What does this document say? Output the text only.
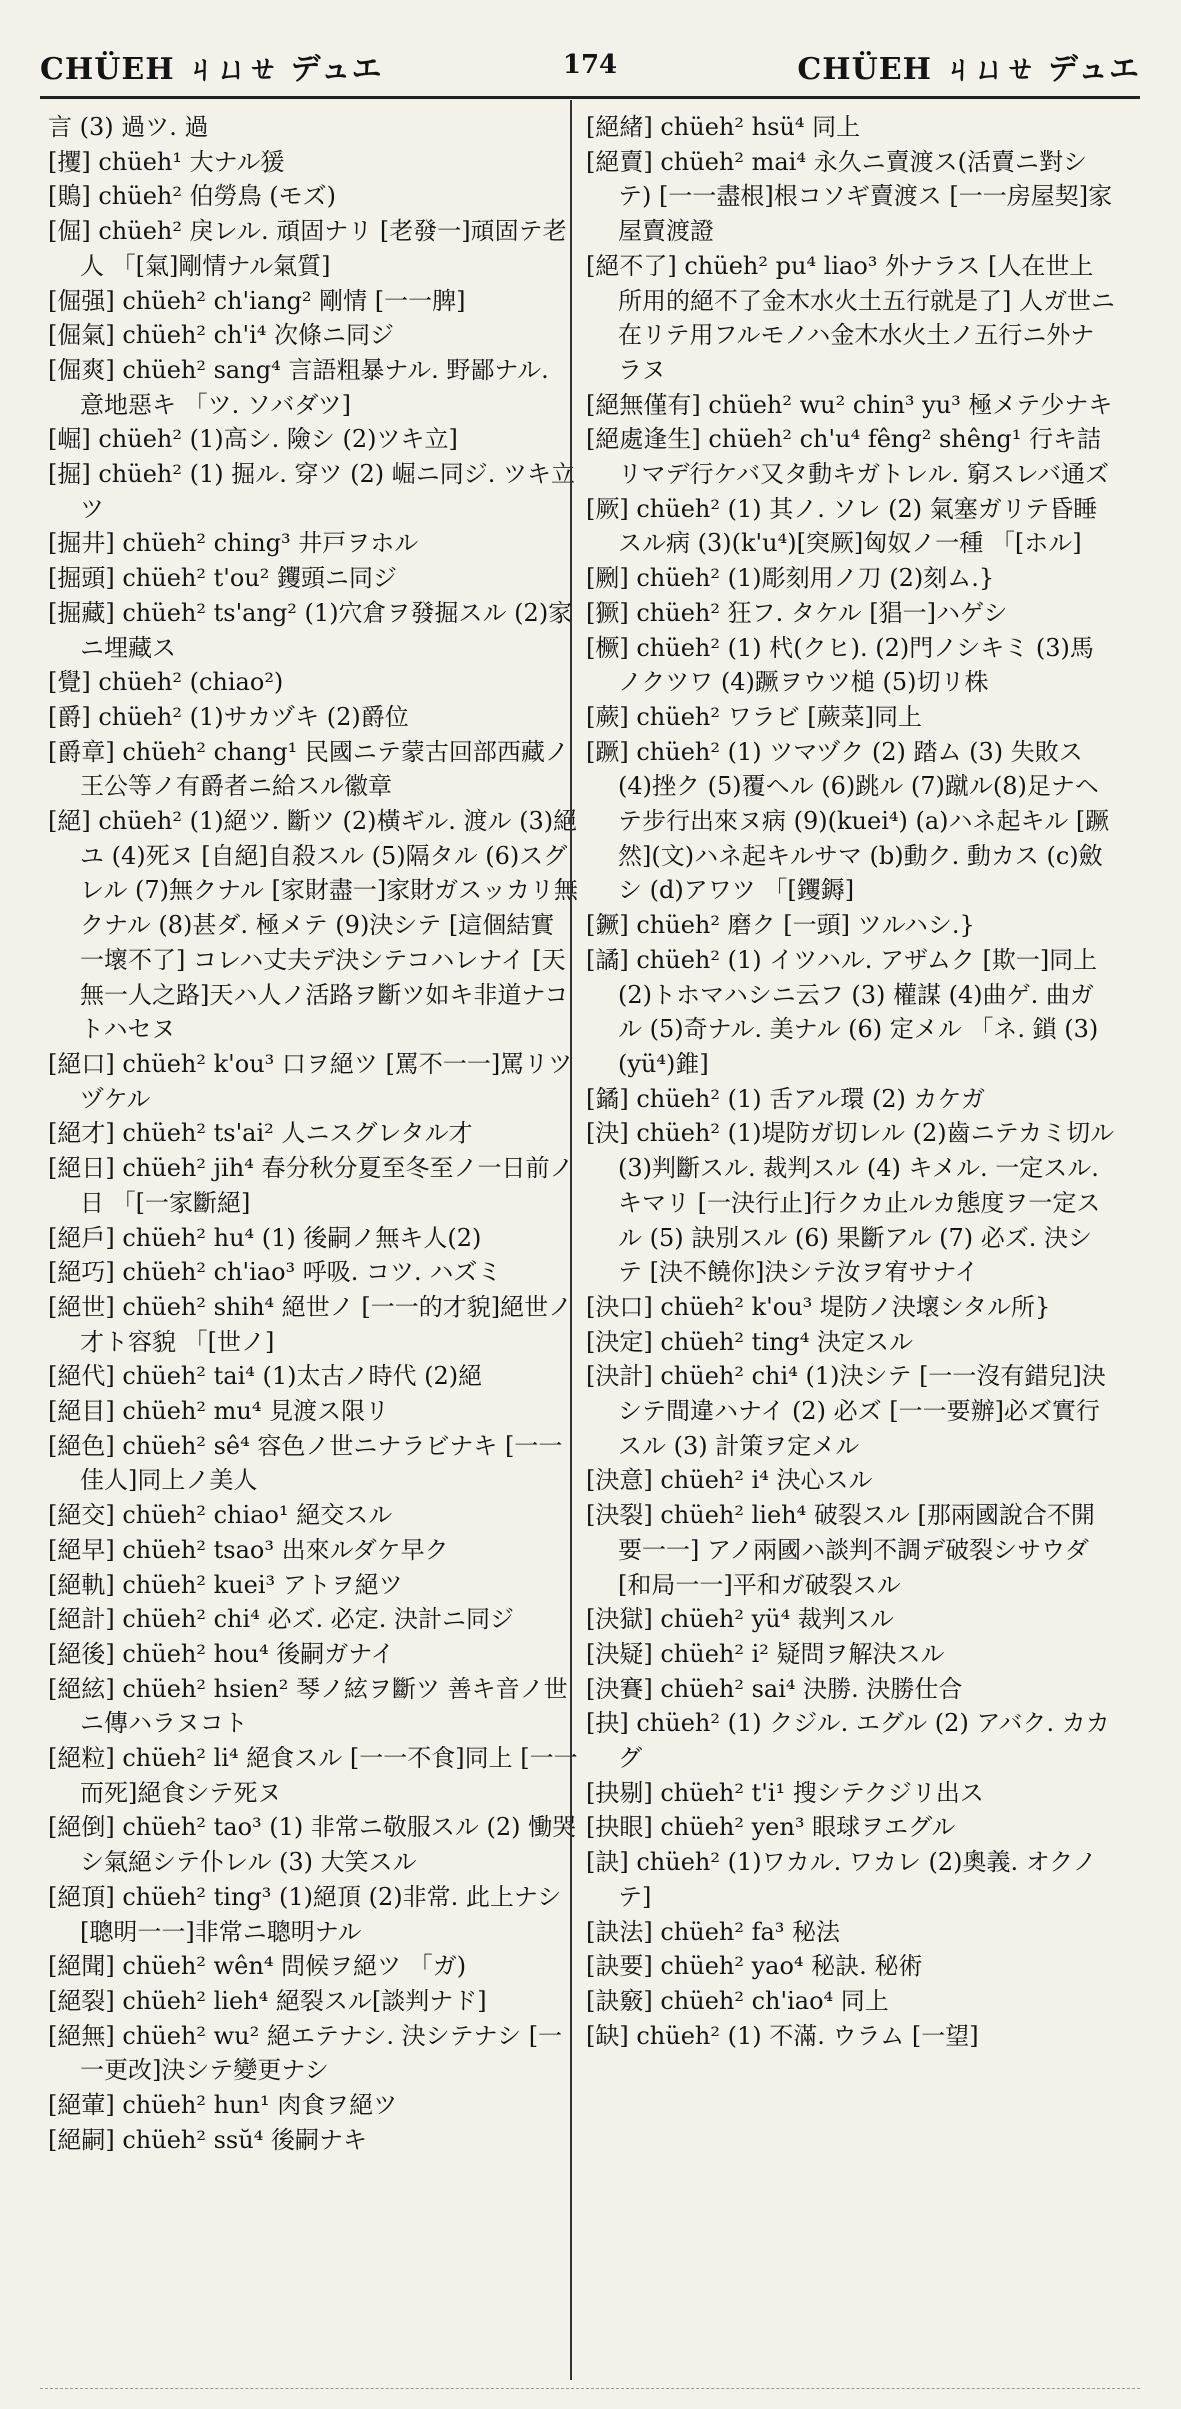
CHÜEH ㄐㄩㄝ デュエ	174	CHÜEH ㄐㄩㄝ デュエ

言 (3) 過ツ. 過

[攫] chüeh¹ 大ナル猨

[鵙] chüeh² 伯勞鳥 (モズ)

[倔] chüeh² 戾レル. 頑固ナリ [老發一]頑固テ老人 「[氣]剛情ナル氣質]

[倔强] chüeh² ch'iang² 剛情 [一一脾]

[倔氣] chüeh² ch'i⁴ 次條ニ同ジ

[倔爽] chüeh² sang⁴ 言語粗暴ナル. 野鄙ナル. 意地惡キ 「ツ. ソバダツ]

[崛] chüeh² (1)高シ. 險シ (2)ツキ立]

[掘] chüeh² (1) 掘ル. 穿ツ (2) 崛ニ同ジ. ツキ立ツ

[掘井] chüeh² ching³ 井戸ヲホル

[掘頭] chüeh² t'ou² 钁頭ニ同ジ

[掘藏] chüeh² ts'ang² (1)穴倉ヲ發掘スル (2)家ニ埋藏ス

[覺] chüeh² (chiao²)

[爵] chüeh² (1)サカヅキ (2)爵位

[爵章] chüeh² chang¹ 民國ニテ蒙古回部西藏ノ王公等ノ有爵者ニ給スル徽章

[絕] chüeh² (1)絕ツ. 斷ツ (2)橫ギル. 渡ル (3)絕ユ (4)死ヌ [自絕]自殺スル (5)隔タル (6)スグレル (7)無クナル [家財盡一]家財ガスッカリ無クナル (8)甚ダ. 極メテ (9)決シテ [這個結實一壞不了] コレハ丈夫デ決シテコハレナイ [天無一人之路]天ハ人ノ活路ヲ斷ツ如キ非道ナコトハセヌ

[絕口] chüeh² k'ou³ 口ヲ絕ツ [罵不一一]罵リツヅケル

[絕才] chüeh² ts'ai² 人ニスグレタル才

[絕日] chüeh² jih⁴ 春分秋分夏至冬至ノ一日前ノ日 「[一家斷絕]

[絕戶] chüeh² hu⁴ (1) 後嗣ノ無キ人(2)

[絕巧] chüeh² ch'iao³ 呼吸. コツ. ハズミ

[絕世] chüeh² shih⁴ 絕世ノ [一一的才貌]絕世ノ才ト容貌 「[世ノ]

[絕代] chüeh² tai⁴ (1)太古ノ時代 (2)絕

[絕目] chüeh² mu⁴ 見渡ス限リ

[絕色] chüeh² sê⁴ 容色ノ世ニナラビナキ [一一佳人]同上ノ美人

[絕交] chüeh² chiao¹ 絕交スル

[絕早] chüeh² tsao³ 出來ルダケ早ク

[絕軌] chüeh² kuei³ アトヲ絕ツ

[絕計] chüeh² chi⁴ 必ズ. 必定. 決計ニ同ジ

[絕後] chüeh² hou⁴ 後嗣ガナイ

[絕絃] chüeh² hsien² 琴ノ絃ヲ斷ツ 善キ音ノ世ニ傳ハラヌコト

[絕粒] chüeh² li⁴ 絕食スル [一一不食]同上 [一一而死]絕食シテ死ヌ

[絕倒] chüeh² tao³ (1) 非常ニ敬服スル (2) 慟哭シ氣絕シテ仆レル (3) 大笑スル

[絕頂] chüeh² ting³ (1)絕頂 (2)非常. 此上ナシ [聰明一一]非常ニ聰明ナル

[絕聞] chüeh² wên⁴ 問候ヲ絕ツ 「ガ)

[絕裂] chüeh² lieh⁴ 絕裂スル[談判ナド]

[絕無] chüeh² wu² 絕エテナシ. 決シテナシ [一一更改]決シテ變更ナシ

[絕葷] chüeh² hun¹ 肉食ヲ絕ツ

[絕嗣] chüeh² ssŭ⁴ 後嗣ナキ

[絕緒] chüeh² hsü⁴ 同上

[絕賣] chüeh² mai⁴ 永久ニ賣渡ス(活賣ニ對シテ) [一一盡根]根コソギ賣渡ス [一一房屋契]家屋賣渡證

[絕不了] chüeh² pu⁴ liao³ 外ナラス [人在世上所用的絕不了金木水火土五行就是了] 人ガ世ニ在リテ用フルモノハ金木水火土ノ五行ニ外ナラヌ

[絕無僅有] chüeh² wu² chin³ yu³ 極メテ少ナキ

[絕處逢生] chüeh² ch'u⁴ fêng² shêng¹ 行キ詰リマデ行ケバ又タ動キガトレル. 窮スレバ通ズ

[厥] chüeh² (1) 其ノ. ソレ (2) 氣塞ガリテ昏睡スル病 (3)(k'u⁴)[突厥]匈奴ノ一種 「[ホル]

[劂] chüeh² (1)彫刻用ノ刀 (2)刻ム.}

[獗] chüeh² 狂フ. タケル [猖一]ハゲシ

[橛] chüeh² (1) 杙(クヒ). (2)門ノシキミ (3)馬ノクツワ (4)蹶ヲウツ槌 (5)切リ株

[蕨] chüeh² ワラビ [蕨菜]同上

[蹶] chüeh² (1) ツマヅク (2) 踏ム (3) 失敗ス (4)挫ク (5)覆ヘル (6)跳ル (7)蹴ル(8)足ナヘテ步行出來ヌ病 (9)(kuei⁴) (a)ハネ起キル [蹶然](文)ハネ起キルサマ (b)動ク. 動カス (c)斂シ (d)アワツ 「[钁鎒]

[鐝] chüeh² 磨ク [一頭] ツルハシ.}

[譎] chüeh² (1) イツハル. アザムク [欺一]同上 (2)トホマハシニ云フ (3) 權謀 (4)曲ゲ. 曲ガル (5)奇ナル. 美ナル (6) 定メル 「ネ. 鎖 (3)(yü⁴)錐]

[鐍] chüeh² (1) 舌アル環 (2) カケガ

[決] chüeh² (1)堤防ガ切レル (2)齒ニテカミ切ル (3)判斷スル. 裁判スル (4) キメル. 一定スル. キマリ [一決行止]行クカ止ルカ態度ヲ一定スル (5) 訣別スル (6) 果斷アル (7) 必ズ. 決シテ [決不饒你]決シテ汝ヲ宥サナイ

[決口] chüeh² k'ou³ 堤防ノ決壞シタル所}

[決定] chüeh² ting⁴ 決定スル

[決計] chüeh² chi⁴ (1)決シテ [一一沒有錯兒]決シテ間違ハナイ (2) 必ズ [一一要辦]必ズ實行スル (3) 計策ヲ定メル

[決意] chüeh² i⁴ 決心スル

[決裂] chüeh² lieh⁴ 破裂スル [那兩國說合不開要一一] アノ兩國ハ談判不調デ破裂シサウダ [和局一一]平和ガ破裂スル

[決獄] chüeh² yü⁴ 裁判スル

[決疑] chüeh² i² 疑問ヲ解決スル

[決賽] chüeh² sai⁴ 決勝. 決勝仕合

[抉] chüeh² (1) クジル. エグル (2) アバク. カカグ

[抉剔] chüeh² t'i¹ 搜シテクジリ出ス

[抉眼] chüeh² yen³ 眼球ヲエグル

[訣] chüeh² (1)ワカル. ワカレ (2)奧義. オクノテ]

[訣法] chüeh² fa³ 秘法

[訣要] chüeh² yao⁴ 秘訣. 秘術

[訣竅] chüeh² ch'iao⁴ 同上

[缺] chüeh² (1) 不滿. ウラム [一望]
